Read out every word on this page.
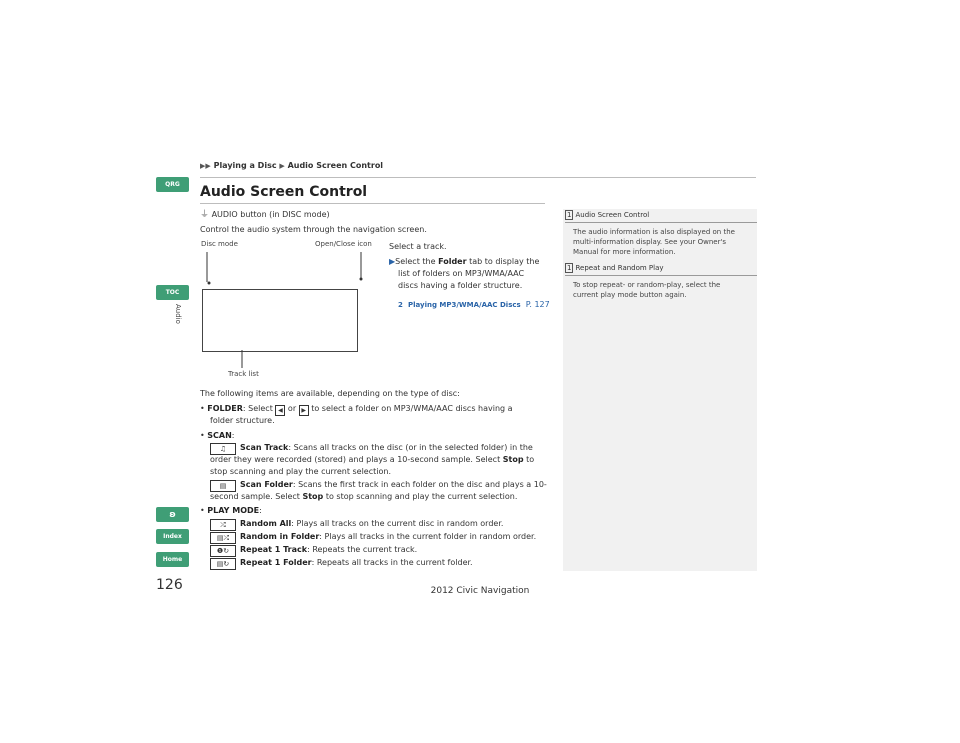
▶▶ Playing a Disc ▶ Audio Screen Control
Audio Screen Control
QRG
TOC
Audio
ʚ
Index
Home
126
⏚ AUDIO button (in DISC mode)
Control the audio system through the navigation screen.
Disc mode	Open/Close icon
Track list
Select a track.
▶Select the Folder tab to display the
list of folders on MP3/WMA/AAC
discs having a folder structure.
2 Playing MP3/WMA/AAC Discs P. 127
The following items are available, depending on the type of disc:
• FOLDER: Select ◀ or ▶ to select a folder on MP3/WMA/AAC discs having a
folder structure.
• SCAN:
♫ Scan Track: Scans all tracks on the disc (or in the selected folder) in the
order they were recorded (stored) and plays a 10-second sample. Select Stop to
stop scanning and play the current selection.
▤ Scan Folder: Scans the first track in each folder on the disc and plays a 10-
second sample. Select Stop to stop scanning and play the current selection.
• PLAY MODE:
⤮ Random All: Plays all tracks on the current disc in random order.
▤⤮ Random in Folder: Plays all tracks in the current folder in random order.
❶↻ Repeat 1 Track: Repeats the current track.
▤↻ Repeat 1 Folder: Repeats all tracks in the current folder.
1 Audio Screen Control
The audio information is also displayed on the
multi-information display. See your Owner's
Manual for more information.
1 Repeat and Random Play
To stop repeat- or random-play, select the
current play mode button again.
2012 Civic Navigation
